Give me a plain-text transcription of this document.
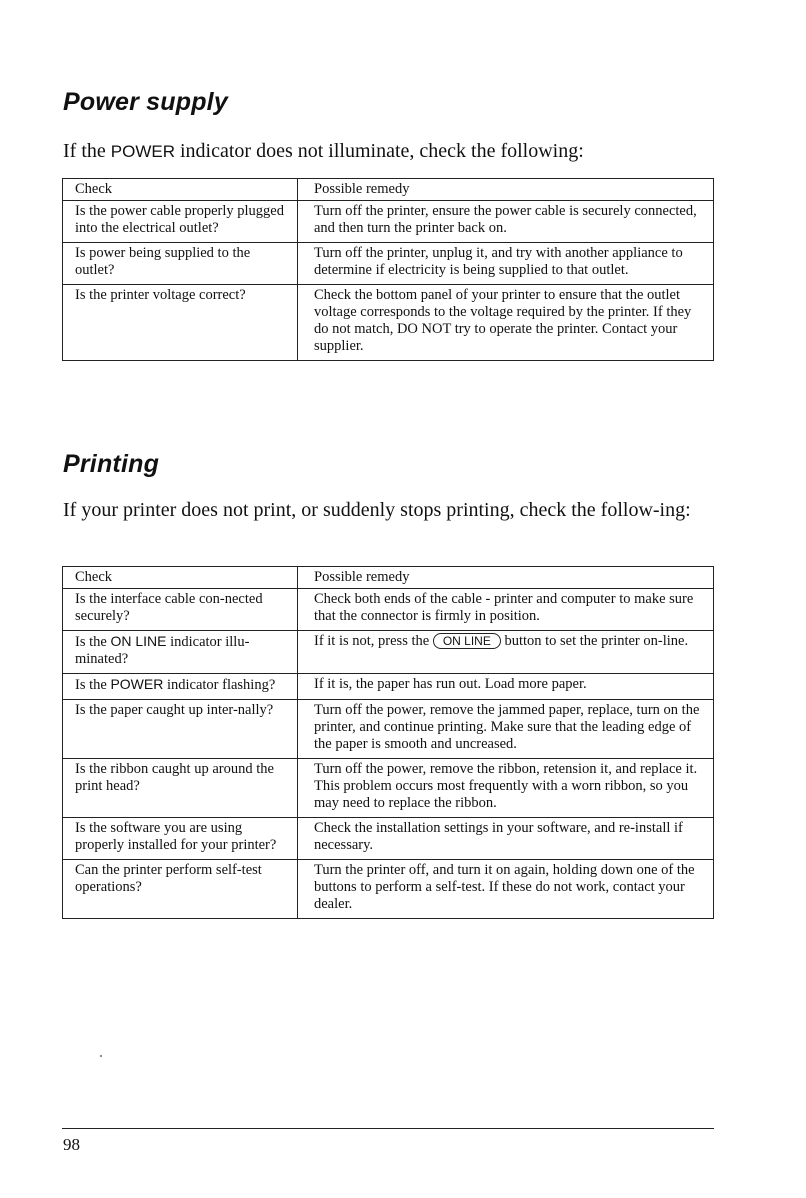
Power supply

If the POWER indicator does not illuminate, check the following:

Check	Possible remedy
Is the power cable properly plugged into the electrical outlet?	Turn off the printer, ensure the power cable is securely connected, and then turn the printer back on.
Is power being supplied to the outlet?	Turn off the printer, unplug it, and try with another appliance to determine if electricity is being supplied to that outlet.
Is the printer voltage correct?	Check the bottom panel of your printer to ensure that the outlet voltage corresponds to the voltage required by the printer. If they do not match, DO NOT try to operate the printer. Contact your supplier.
Printing

If your printer does not print, or suddenly stops printing, check the follow-ing:

Check	Possible remedy
Is the interface cable con-nected securely?	Check both ends of the cable - printer and computer to make sure that the connector is firmly in position.
Is the ON LINE indicator illu-minated?	If it is not, press the ON LINE button to set the printer on-line.
Is the POWER indicator flashing?	If it is, the paper has run out. Load more paper.
Is the paper caught up inter-nally?	Turn off the power, remove the jammed paper, replace, turn on the printer, and continue printing. Make sure that the leading edge of the paper is smooth and uncreased.
Is the ribbon caught up around the print head?	Turn off the power, remove the ribbon, retension it, and replace it. This problem occurs most frequently with a worn ribbon, so you may need to replace the ribbon.
Is the software you are using properly installed for your printer?	Check the installation settings in your software, and re-install if necessary.
Can the printer perform self-test operations?	Turn the printer off, and turn it on again, holding down one of the buttons to perform a self-test. If these do not work, contact your dealer.

98
